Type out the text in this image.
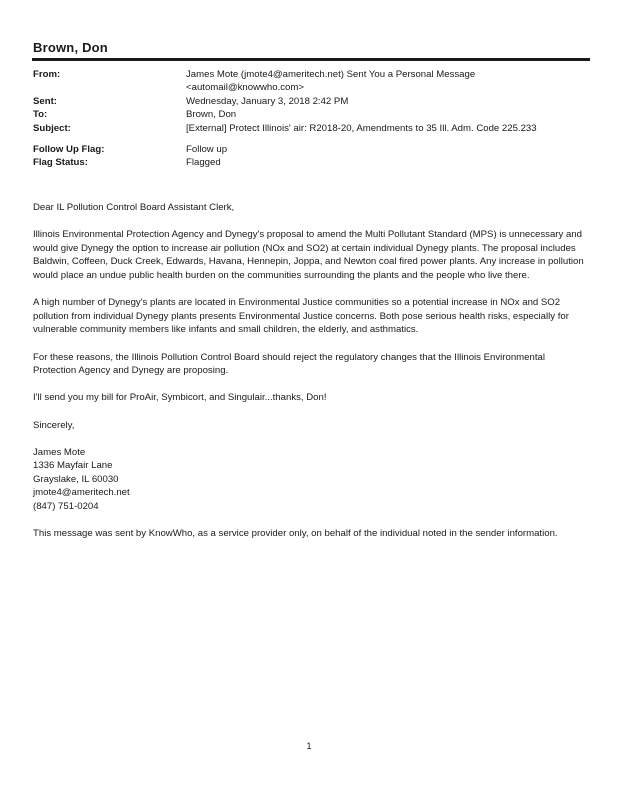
Brown, Don
From:	James Mote (jmote4@ameritech.net) Sent You a Personal Message
<automail@knowwho.com>
Sent:	Wednesday, January 3, 2018 2:42 PM
To:	Brown, Don
Subject:	[External] Protect Illinois' air: R2018-20, Amendments to 35 Ill. Adm. Code 225.233
Follow Up Flag:	Follow up
Flag Status:	Flagged

Dear IL Pollution Control Board Assistant Clerk,

Illinois Environmental Protection Agency and Dynegy's proposal to amend the Multi Pollutant Standard (MPS) is unnecessary and would give Dynegy the option to increase air pollution (NOx and SO2) at certain individual Dynegy plants. The proposal includes Baldwin, Coffeen, Duck Creek, Edwards, Havana, Hennepin, Joppa, and Newton coal fired power plants. Any increase in pollution would place an undue public health burden on the communities surrounding the plants and the people who live there.

A high number of Dynegy's plants are located in Environmental Justice communities so a potential increase in NOx and SO2 pollution from individual Dynegy plants presents Environmental Justice concerns. Both pose serious health risks, especially for vulnerable community members like infants and small children, the elderly, and asthmatics.

For these reasons, the Illinois Pollution Control Board should reject the regulatory changes that the Illinois Environmental Protection Agency and Dynegy are proposing.

I'll send you my bill for ProAir, Symbicort, and Singulair...thanks, Don!

Sincerely,

James Mote
1336 Mayfair Lane
Grayslake, IL 60030
jmote4@ameritech.net
(847) 751-0204

This message was sent by KnowWho, as a service provider only, on behalf of the individual noted in the sender information.

1
